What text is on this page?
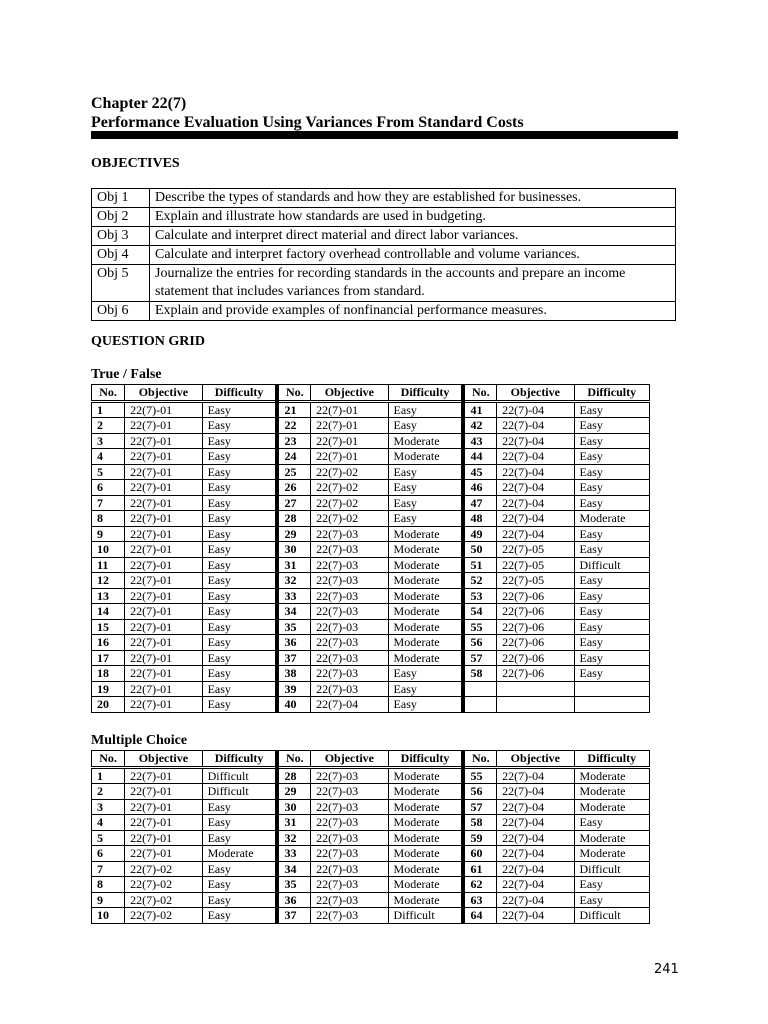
Chapter 22(7)
Performance Evaluation Using Variances From Standard Costs
OBJECTIVES
Obj 1	Describe the types of standards and how they are established for businesses.
Obj 2	Explain and illustrate how standards are used in budgeting.
Obj 3	Calculate and interpret direct material and direct labor variances.
Obj 4	Calculate and interpret factory overhead controllable and volume variances.
Obj 5	Journalize the entries for recording standards in the accounts and prepare an income statement that includes variances from standard.
Obj 6	Explain and provide examples of nonfinancial performance measures.
QUESTION GRID
True / False
No.	Objective	Difficulty	No.	Objective	Difficulty	No.	Objective	Difficulty
1	22(7)-01	Easy	21	22(7)-01	Easy	41	22(7)-04	Easy
2	22(7)-01	Easy	22	22(7)-01	Easy	42	22(7)-04	Easy
3	22(7)-01	Easy	23	22(7)-01	Moderate	43	22(7)-04	Easy
4	22(7)-01	Easy	24	22(7)-01	Moderate	44	22(7)-04	Easy
5	22(7)-01	Easy	25	22(7)-02	Easy	45	22(7)-04	Easy
6	22(7)-01	Easy	26	22(7)-02	Easy	46	22(7)-04	Easy
7	22(7)-01	Easy	27	22(7)-02	Easy	47	22(7)-04	Easy
8	22(7)-01	Easy	28	22(7)-02	Easy	48	22(7)-04	Moderate
9	22(7)-01	Easy	29	22(7)-03	Moderate	49	22(7)-04	Easy
10	22(7)-01	Easy	30	22(7)-03	Moderate	50	22(7)-05	Easy
11	22(7)-01	Easy	31	22(7)-03	Moderate	51	22(7)-05	Difficult
12	22(7)-01	Easy	32	22(7)-03	Moderate	52	22(7)-05	Easy
13	22(7)-01	Easy	33	22(7)-03	Moderate	53	22(7)-06	Easy
14	22(7)-01	Easy	34	22(7)-03	Moderate	54	22(7)-06	Easy
15	22(7)-01	Easy	35	22(7)-03	Moderate	55	22(7)-06	Easy
16	22(7)-01	Easy	36	22(7)-03	Moderate	56	22(7)-06	Easy
17	22(7)-01	Easy	37	22(7)-03	Moderate	57	22(7)-06	Easy
18	22(7)-01	Easy	38	22(7)-03	Easy	58	22(7)-06	Easy
19	22(7)-01	Easy	39	22(7)-03	Easy			
20	22(7)-01	Easy	40	22(7)-04	Easy			
Multiple Choice
No.	Objective	Difficulty	No.	Objective	Difficulty	No.	Objective	Difficulty
1	22(7)-01	Difficult	28	22(7)-03	Moderate	55	22(7)-04	Moderate
2	22(7)-01	Difficult	29	22(7)-03	Moderate	56	22(7)-04	Moderate
3	22(7)-01	Easy	30	22(7)-03	Moderate	57	22(7)-04	Moderate
4	22(7)-01	Easy	31	22(7)-03	Moderate	58	22(7)-04	Easy
5	22(7)-01	Easy	32	22(7)-03	Moderate	59	22(7)-04	Moderate
6	22(7)-01	Moderate	33	22(7)-03	Moderate	60	22(7)-04	Moderate
7	22(7)-02	Easy	34	22(7)-03	Moderate	61	22(7)-04	Difficult
8	22(7)-02	Easy	35	22(7)-03	Moderate	62	22(7)-04	Easy
9	22(7)-02	Easy	36	22(7)-03	Moderate	63	22(7)-04	Easy
10	22(7)-02	Easy	37	22(7)-03	Difficult	64	22(7)-04	Difficult
241
